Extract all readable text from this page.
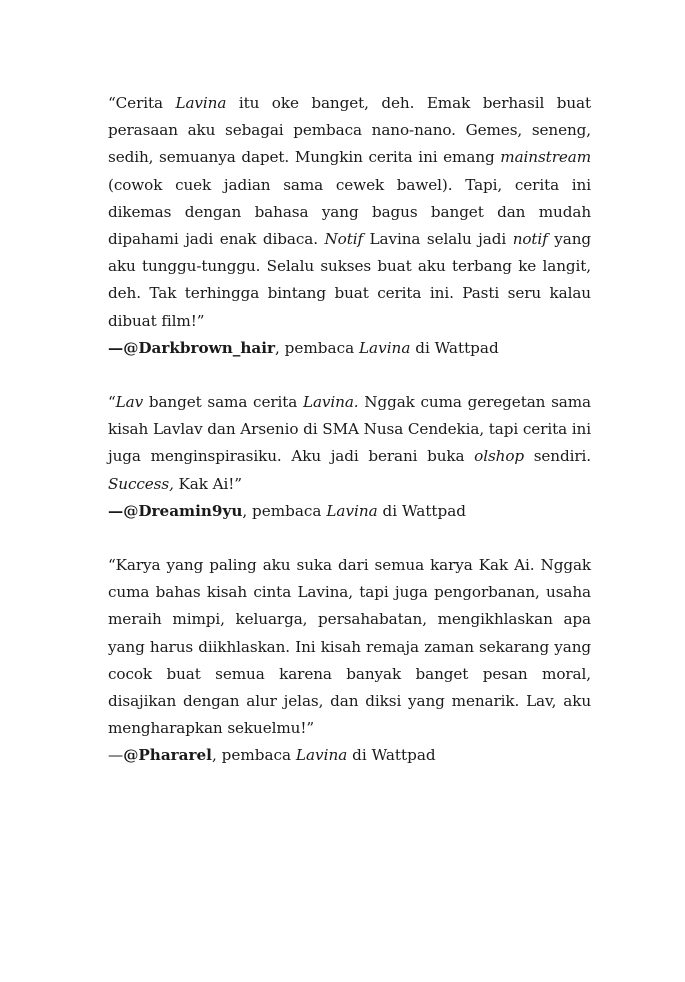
“Cerita Lavina itu oke banget, deh. Emak berhasil buat perasaan aku sebagai pembaca nano-nano. Gemes, seneng, sedih, semuanya dapet. Mungkin cerita ini emang mainstream (cowok cuek jadian sama cewek bawel). Tapi, cerita ini dikemas dengan bahasa yang bagus banget dan mudah dipahami jadi enak dibaca. Notif Lavina selalu jadi notif yang aku tunggu-tunggu. Selalu sukses buat aku terbang ke langit, deh. Tak terhingga bintang buat cerita ini. Pasti seru kalau dibuat film!”

—@Darkbrown_hair, pembaca Lavina di Wattpad

“Lav banget sama cerita Lavina. Nggak cuma geregetan sama kisah Lavlav dan Arsenio di SMA Nusa Cendekia, tapi cerita ini juga menginspirasiku. Aku jadi berani buka olshop sendiri. Success, Kak Ai!”

—@Dreamin9yu, pembaca Lavina di Wattpad

“Karya yang paling aku suka dari semua karya Kak Ai. Nggak cuma bahas kisah cinta Lavina, tapi juga pengorbanan, usaha meraih mimpi, keluarga, persahabatan, mengikhlaskan apa yang harus diikhlaskan. Ini kisah remaja zaman sekarang yang cocok buat semua karena banyak banget pesan moral, disajikan dengan alur jelas, dan diksi yang menarik. Lav, aku mengharapkan sekuelmu!”

—@Phararel, pembaca Lavina di Wattpad
